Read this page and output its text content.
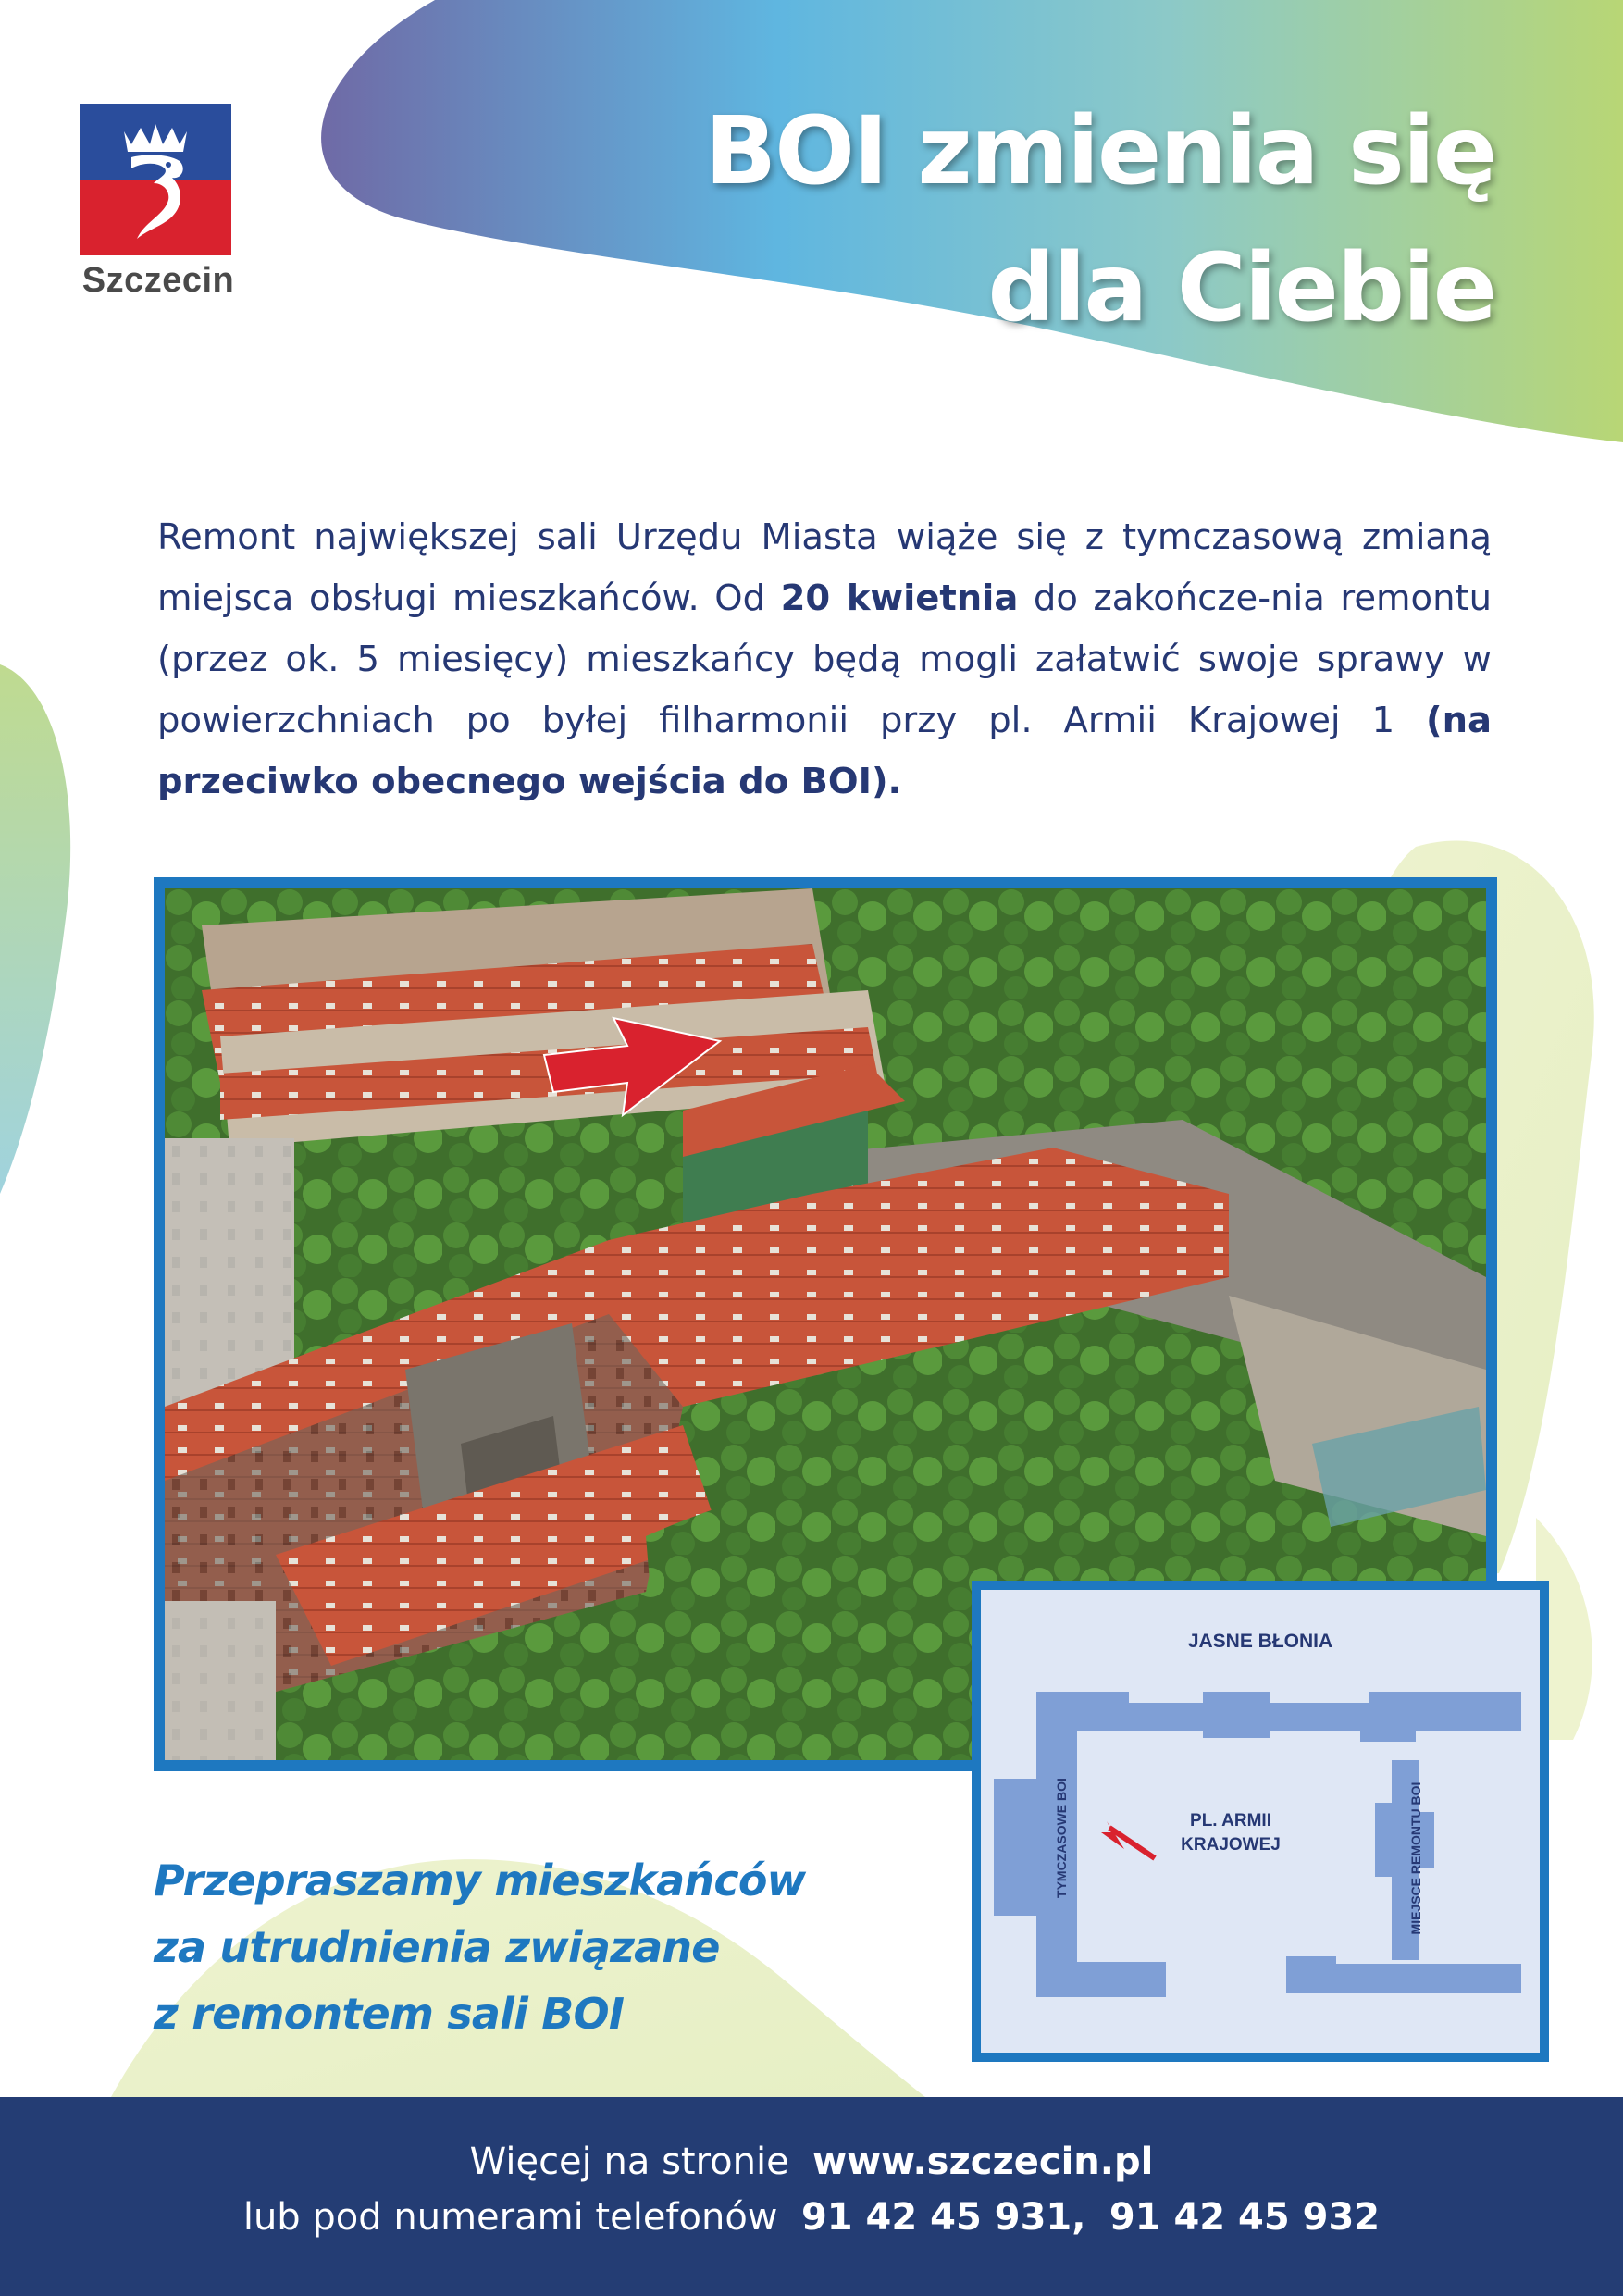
Szczecin
BOI zmienia się
dla Ciebie
Remont największej sali Urzędu Miasta wiąże się z tymczasową zmianą miejsca obsługi mieszkańców. Od 20 kwietnia do zakończe-nia remontu (przez ok. 5 miesięcy) mieszkańcy będą mogli załatwić swoje sprawy w powierzchniach po byłej filharmonii przy pl. Armii Krajowej 1 (na przeciwko obecnego wejścia do BOI).
Przepraszamy mieszkańców
za utrudnienia związane
z remontem sali BOI
JASNE BŁONIA
PL. ARMII
KRAJOWEJ
TYMCZASOWE BOI	MIEJSCE REMONTU BOI
Więcej na stronie www.szczecin.pl
lub pod numerami telefonów 91 42 45 931, 91 42 45 932
